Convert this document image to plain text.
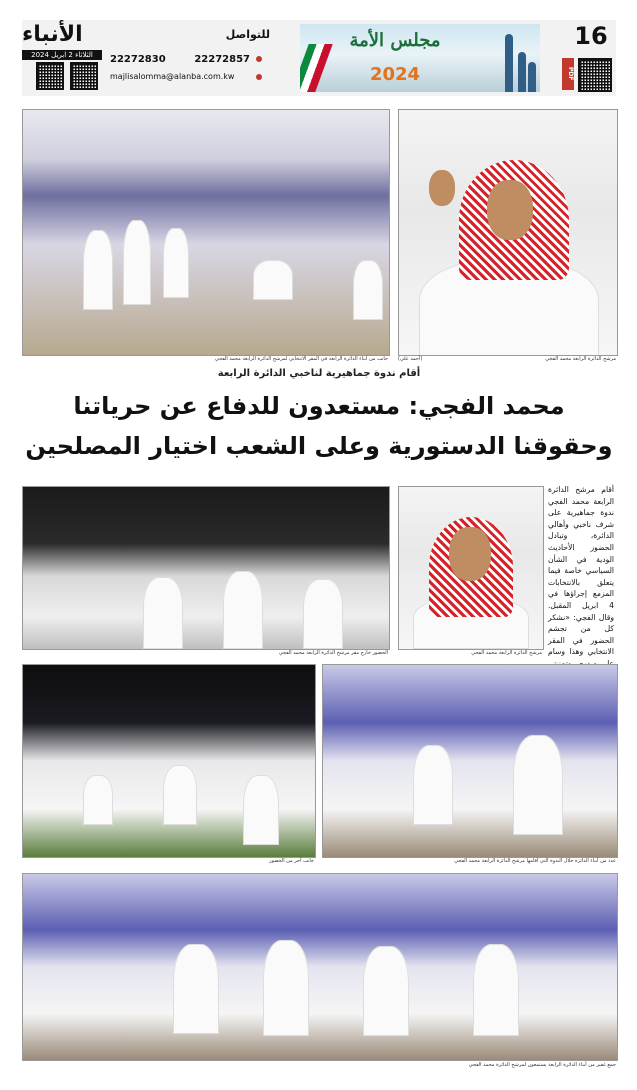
الأنباء
الثلاثاء 2 ابريل 2024
للتواصل
22272830	22272857
majlisalomma@alanba.com.kw
مجلس الأمة
2024
16
PDF
جانب من أبناء الدائرة الرابعة في المقر الانتخابي لمرشح الدائرة الرابعة محمد الفجي	مرشح الدائرة الرابعة محمد الفجي
(أحمد علي)
أقام ندوة جماهيرية لناخبي الدائرة الرابعة
محمد الفجي: مستعدون للدفاع عن حرياتنا
وحقوقنا الدستورية وعلى الشعب اختيار المصلحين
الحضور خارج مقر مرشح الدائرة الرابعة محمد الفجي	مرشح الدائرة الرابعة محمد الفجي
أقام مرشح الدائرة الرابعة محمد الفجي ندوة جماهيرية على شرف ناخبي وأهالي الدائرة، وتبادل الحضور الأحاديث الودية في الشأن السياسي خاصة فيما يتعلق بالانتخابات المزمع إجراؤها في 4 ابريل المقبل. وقال الفجي: «نشكر كل من تجشم الحضور في المقر الانتخابي وهذا وسام
جانب آخر من الحضور	عدد من أبناء الدائرة خلال الندوة التي أقامها مرشح الدائرة الرابعة محمد الفجي
جمع غفير من أبناء الدائرة الرابعة يستمعون لمرشح الدائرة محمد الفجي
